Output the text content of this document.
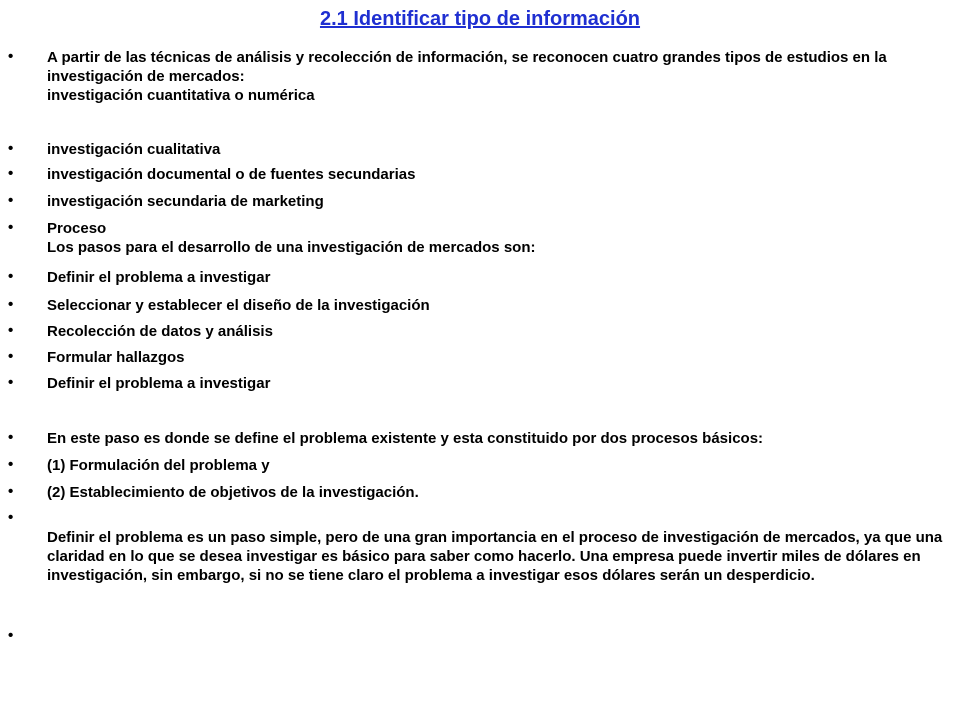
2.1 Identificar tipo de información
• A partir de las técnicas de análisis y recolección de información, se reconocen cuatro grandes tipos de estudios en la
investigación de mercados:
investigación cuantitativa o numérica
• investigación cualitativa
• investigación documental o de fuentes secundarias
• investigación secundaria de marketing
• Proceso
Los pasos para el desarrollo de una investigación de mercados son:
• Definir el problema a investigar
• Seleccionar y establecer el diseño de la investigación
• Recolección de datos y análisis
• Formular hallazgos
• Definir el problema a investigar
• En este paso es donde se define el problema existente y esta constituido por dos procesos básicos:
• (1) Formulación del problema y
• (2) Establecimiento de objetivos de la investigación.
•
Definir el problema es un paso simple, pero de una gran importancia en el proceso de investigación de mercados, ya que una claridad en lo que se desea investigar es básico para saber como hacerlo. Una empresa puede invertir miles de dólares en investigación, sin embargo, si no se tiene claro el problema a investigar esos dólares serán un desperdicio.
•
